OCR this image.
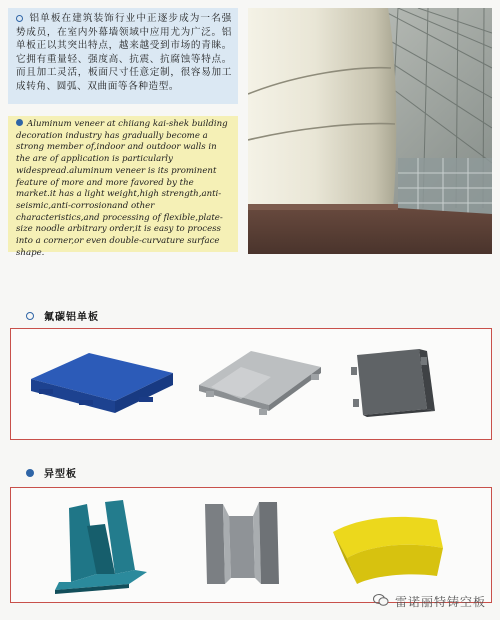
铝单板在建筑装饰行业中正逐步成为一名强势成员，在室内外幕墙领域中应用尤为广泛。铝单板正以其突出特点，越来越受到市场的青睐。它拥有重量轻、强度高、抗震、抗腐蚀等特点。而且加工灵活，板面尺寸任意定制，很容易加工成转角、圆弧、双曲面等各种造型。

Aluminum veneer at chiiang kai-shek building decoration industry has gradually become a strong member of,indoor and outdoor walls in the are of application is particularly widespread.aluminum veneer is its prominent feature of more and more favored by the market.it has a light weight,high strength,anti-seismic,anti-corrosionand other characteristics,and processing of flexible,plate-size noodle arbitrary order,it is easy to process into a corner,or even double-curvature surface shape.

氟碳铝单板
异型板
雷诺丽特铸空板
